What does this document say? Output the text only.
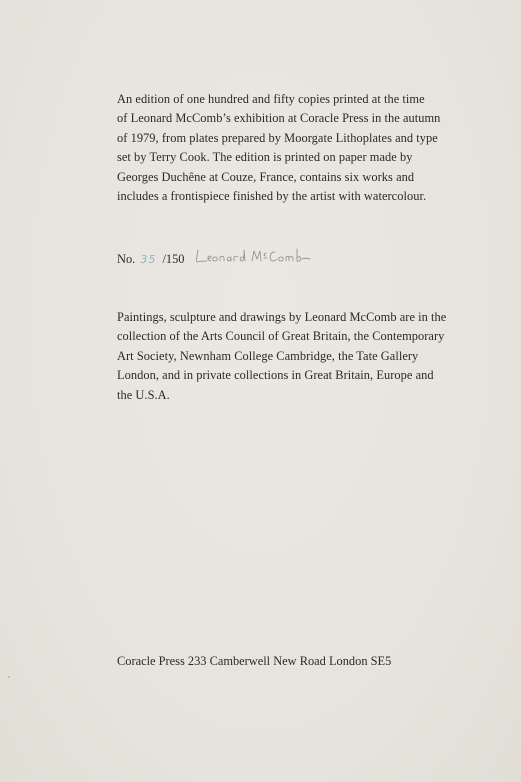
An edition of one hundred and fifty copies printed at the time
of Leonard McComb’s exhibition at Coracle Press in the autumn
of 1979, from plates prepared by Moorgate Lithoplates and type
set by Terry Cook. The edition is printed on paper made by
Georges Duchêne at Couze, France, contains six works and
includes a frontispiece finished by the artist with watercolour.
No. 35 /150
Leonard McComb
Paintings, sculpture and drawings by Leonard McComb are in the
collection of the Arts Council of Great Britain, the Contemporary
Art Society, Newnham College Cambridge, the Tate Gallery
London, and in private collections in Great Britain, Europe and
the U.S.A.
Coracle Press 233 Camberwell New Road London SE5
